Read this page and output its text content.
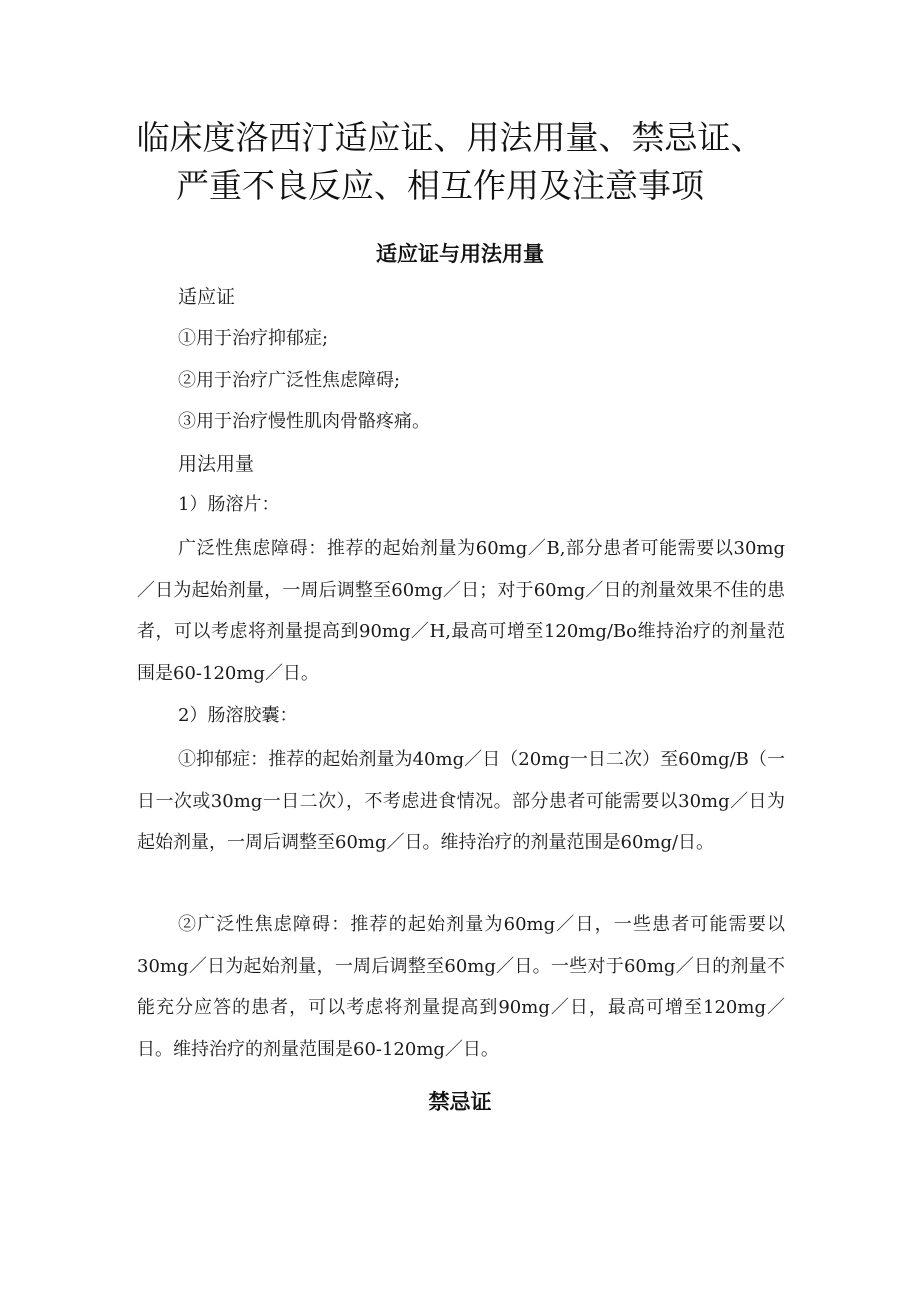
临床度洛西汀适应证、用法用量、禁忌证、
严重不良反应、相互作用及注意事项
适应证与用法用量
适应证
①用于治疗抑郁症;
②用于治疗广泛性焦虑障碍;
③用于治疗慢性肌肉骨骼疼痛。
用法用量
1）肠溶片：

广泛性焦虑障碍：推荐的起始剂量为60mg／B,部分患者可能需要以30mg／日为起始剂量，一周后调整至60mg／日；对于60mg／日的剂量效果不佳的患者，可以考虑将剂量提高到90mg／H,最高可增至120mg/Bo维持治疗的剂量范围是60-120mg／日。

2）肠溶胶囊：

①抑郁症：推荐的起始剂量为40mg／日（20mg一日二次）至60mg/B（一日一次或30mg一日二次），不考虑进食情况。部分患者可能需要以30mg／日为起始剂量，一周后调整至60mg／日。维持治疗的剂量范围是60mg/日。

②广泛性焦虑障碍：推荐的起始剂量为60mg／日，一些患者可能需要以30mg／日为起始剂量，一周后调整至60mg／日。一些对于60mg／日的剂量不能充分应答的患者，可以考虑将剂量提高到90mg／日，最高可增至120mg／日。维持治疗的剂量范围是60-120mg／日。

禁忌证
